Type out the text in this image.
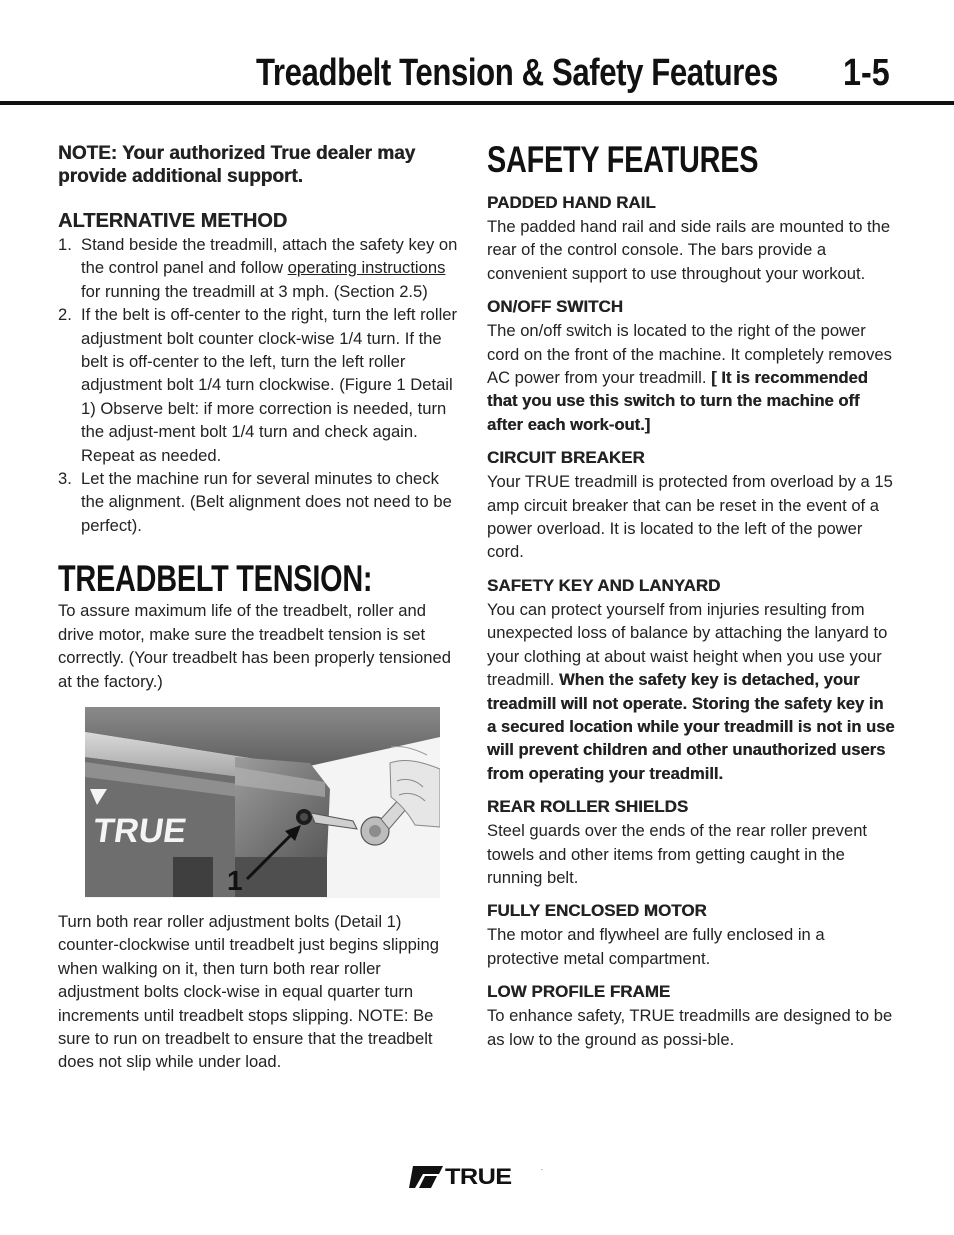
Treadbelt Tension & Safety Features 1-5
NOTE: Your authorized True dealer may provide additional support.
ALTERNATIVE METHOD
1. Stand beside the treadmill, attach the safety key on the control panel and follow operating instructions for running the treadmill at 3 mph. (Section 2.5)
2. If the belt is off-center to the right, turn the left roller adjustment bolt counter clock-wise 1/4 turn. If the belt is off-center to the left, turn the left roller adjustment bolt 1/4 turn clockwise. (Figure 1 Detail 1) Observe belt: if more correction is needed, turn the adjust-ment bolt 1/4 turn and check again. Repeat as needed.
3. Let the machine run for several minutes to check the alignment. (Belt alignment does not need to be perfect).
TREADBELT TENSION:

To assure maximum life of the treadbelt, roller and drive motor, make sure the treadbelt tension is set correctly. (Your treadbelt has been properly tensioned at the factory.)

TRUE
1

Turn both rear roller adjustment bolts (Detail 1) counter-clockwise until treadbelt just begins slipping when walking on it, then turn both rear roller adjustment bolts clock-wise in equal quarter turn increments until treadbelt stops slipping. NOTE: Be sure to run on treadbelt to ensure that the treadbelt does not slip while under load.

SAFETY FEATURES
PADDED HAND RAIL

The padded hand rail and side rails are mounted to the rear of the control console. The bars provide a convenient support to use throughout your workout.

ON/OFF SWITCH

The on/off switch is located to the right of the power cord on the front of the machine. It completely removes AC power from your treadmill. [ It is recommended that you use this switch to turn the machine off after each work-out.]

CIRCUIT BREAKER

Your TRUE treadmill is protected from overload by a 15 amp circuit breaker that can be reset in the event of a power overload. It is located to the left of the power cord.

SAFETY KEY AND LANYARD

You can protect yourself from injuries resulting from unexpected loss of balance by attaching the lanyard to your clothing at about waist height when you use your treadmill. When the safety key is detached, your treadmill will not operate. Storing the safety key in a secured location while your treadmill is not in use will prevent children and other unauthorized users from operating your treadmill.

REAR ROLLER SHIELDS

Steel guards over the ends of the rear roller prevent towels and other items from getting caught in the running belt.

FULLY ENCLOSED MOTOR

The motor and flywheel are fully enclosed in a protective metal compartment.

LOW PROFILE FRAME

To enhance safety, TRUE treadmills are designed to be as low to the ground as possi-ble.

TRUE	.
